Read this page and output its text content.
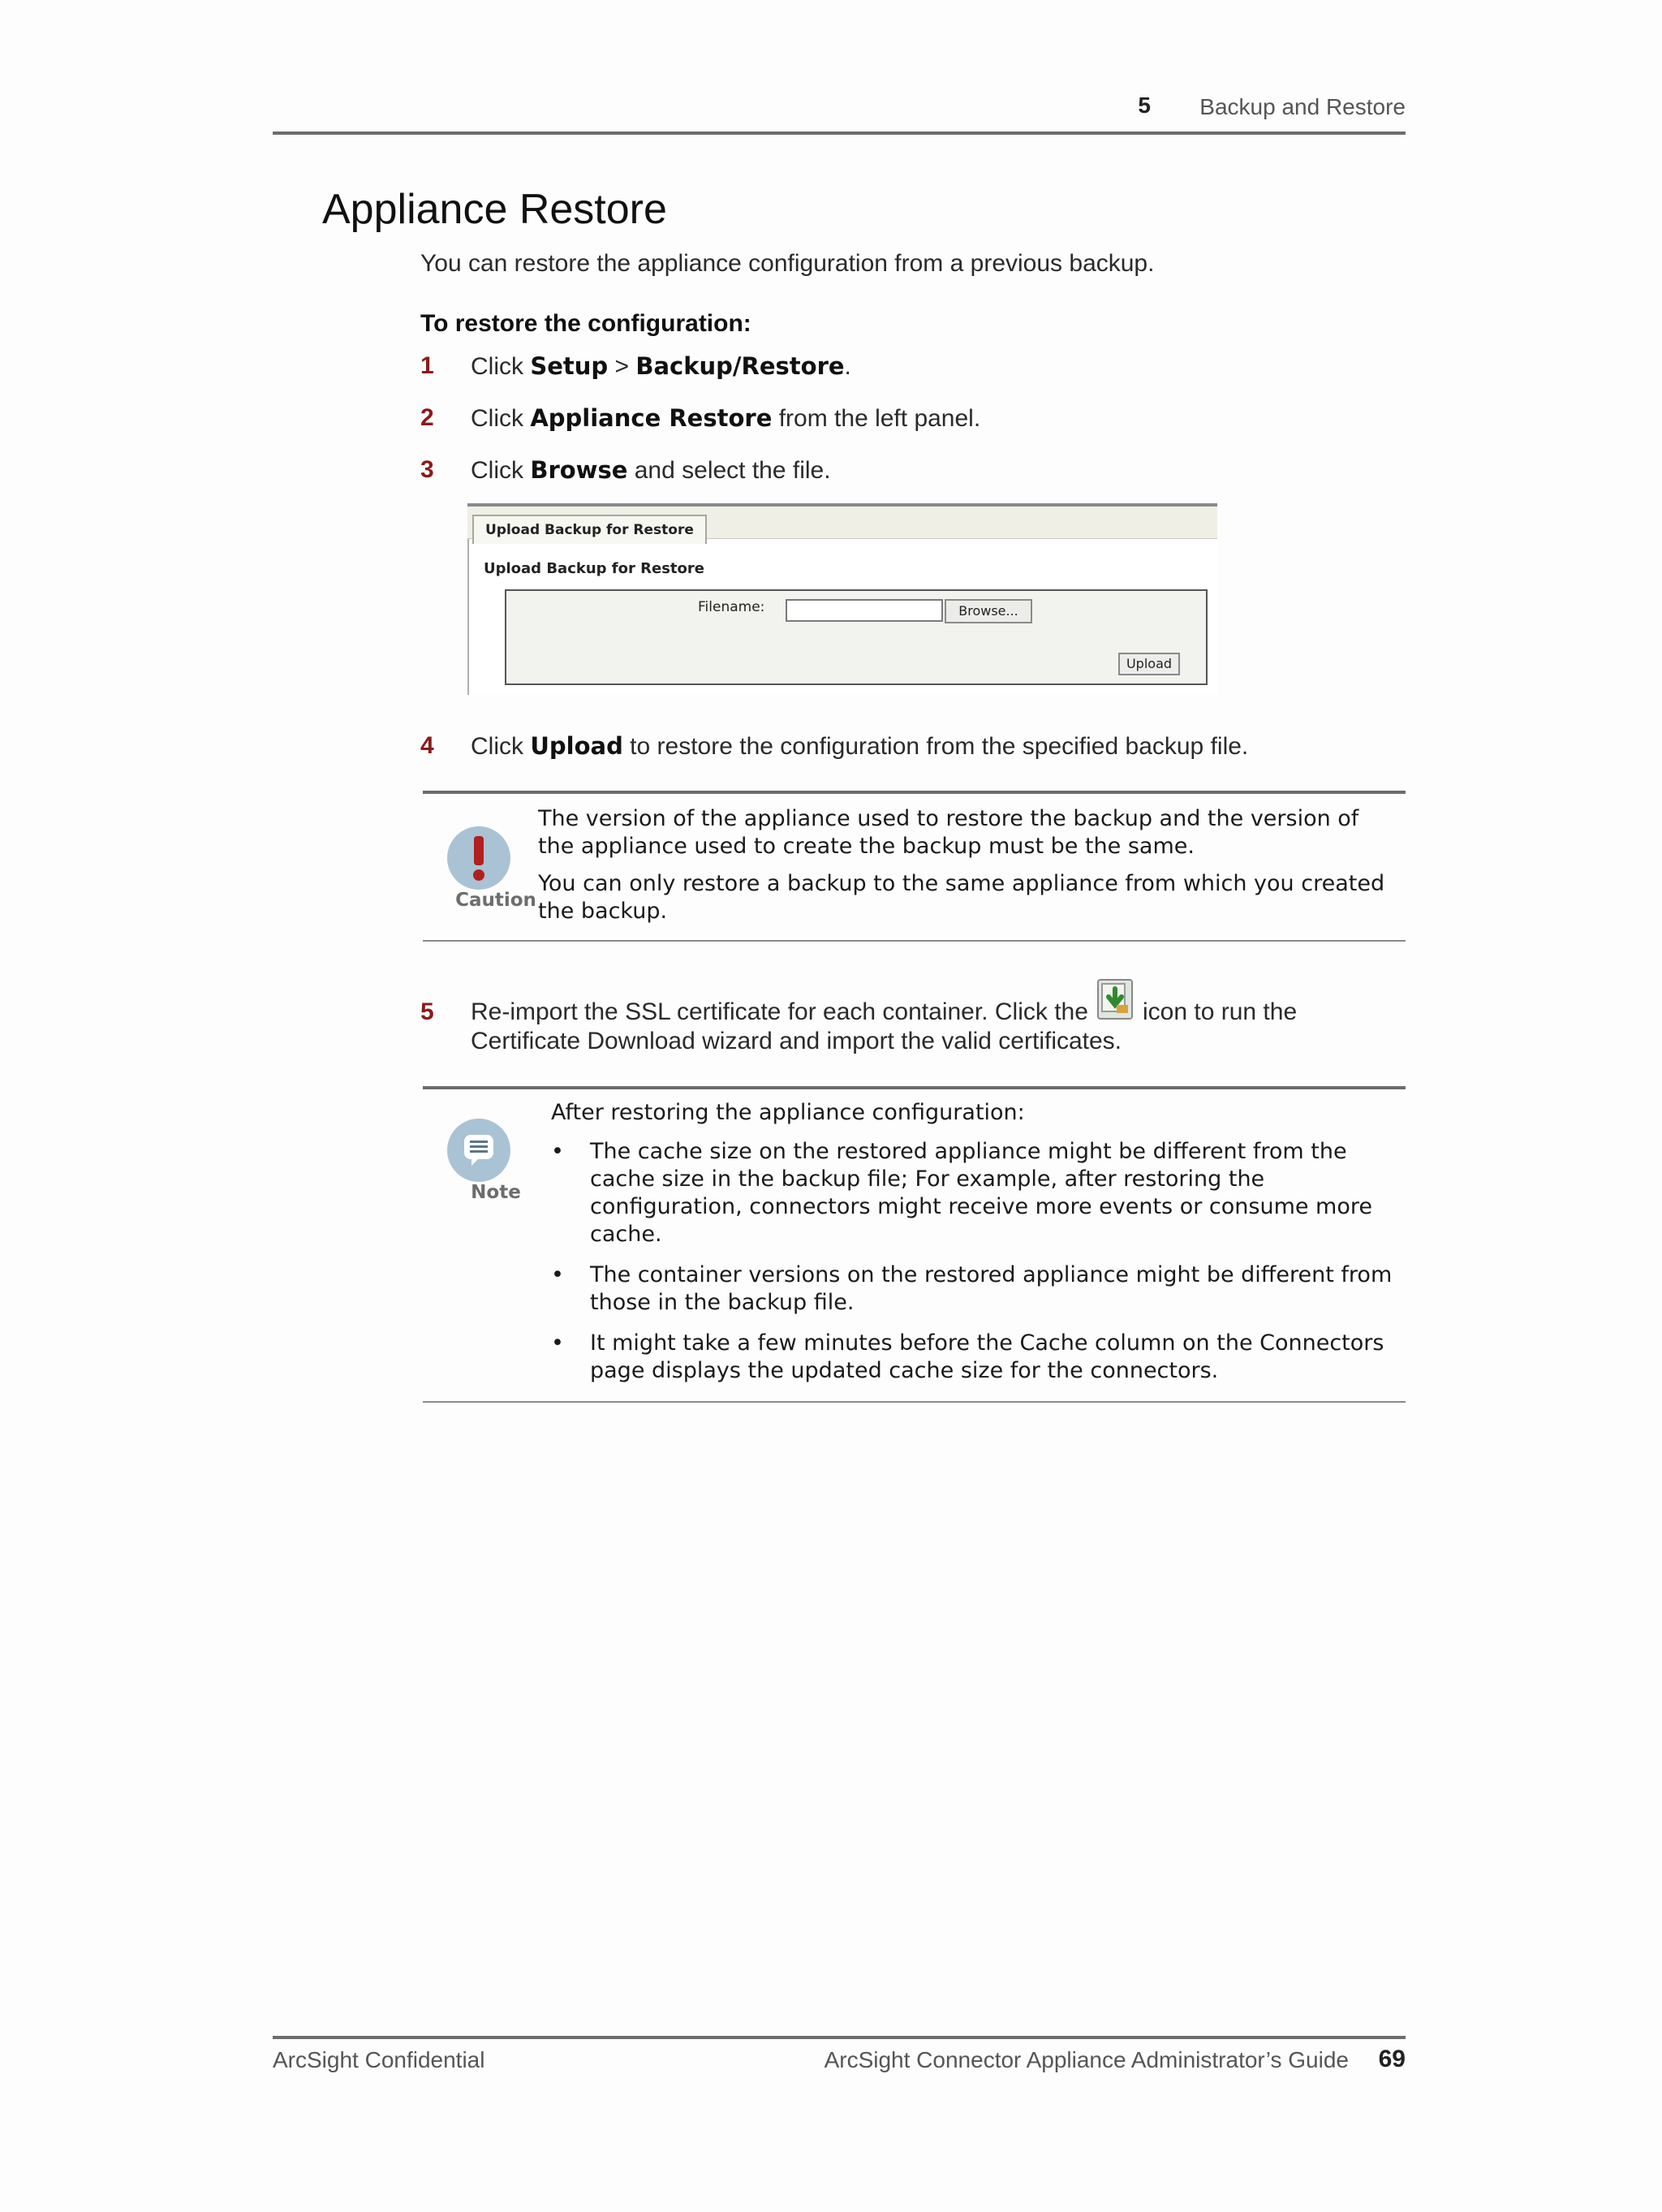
5 Backup and Restore
Appliance Restore
You can restore the appliance configuration from a previous backup.
To restore the configuration:
1 Click Setup > Backup/Restore.
2 Click Appliance Restore from the left panel.
3 Click Browse and select the file.
Upload Backup for Restore
Upload Backup for Restore
Filename:	Browse...
Upload
4 Click Upload to restore the configuration from the specified backup file.
Caution

The version of the appliance used to restore the backup and the version of the appliance used to create the backup must be the same.

You can only restore a backup to the same appliance from which you created the backup.

5 Re-import the SSL certificate for each container. Click the icon to run the
Certificate Download wizard and import the valid certificates.
Note

After restoring the appliance configuration:

• The cache size on the restored appliance might be different from the cache size in the backup file; For example, after restoring the configuration, connectors might receive more events or consume more cache.

• The container versions on the restored appliance might be different from those in the backup file.

• It might take a few minutes before the Cache column on the Connectors page displays the updated cache size for the connectors.

ArcSight Confidential	ArcSight Connector Appliance Administrator’s Guide 69
